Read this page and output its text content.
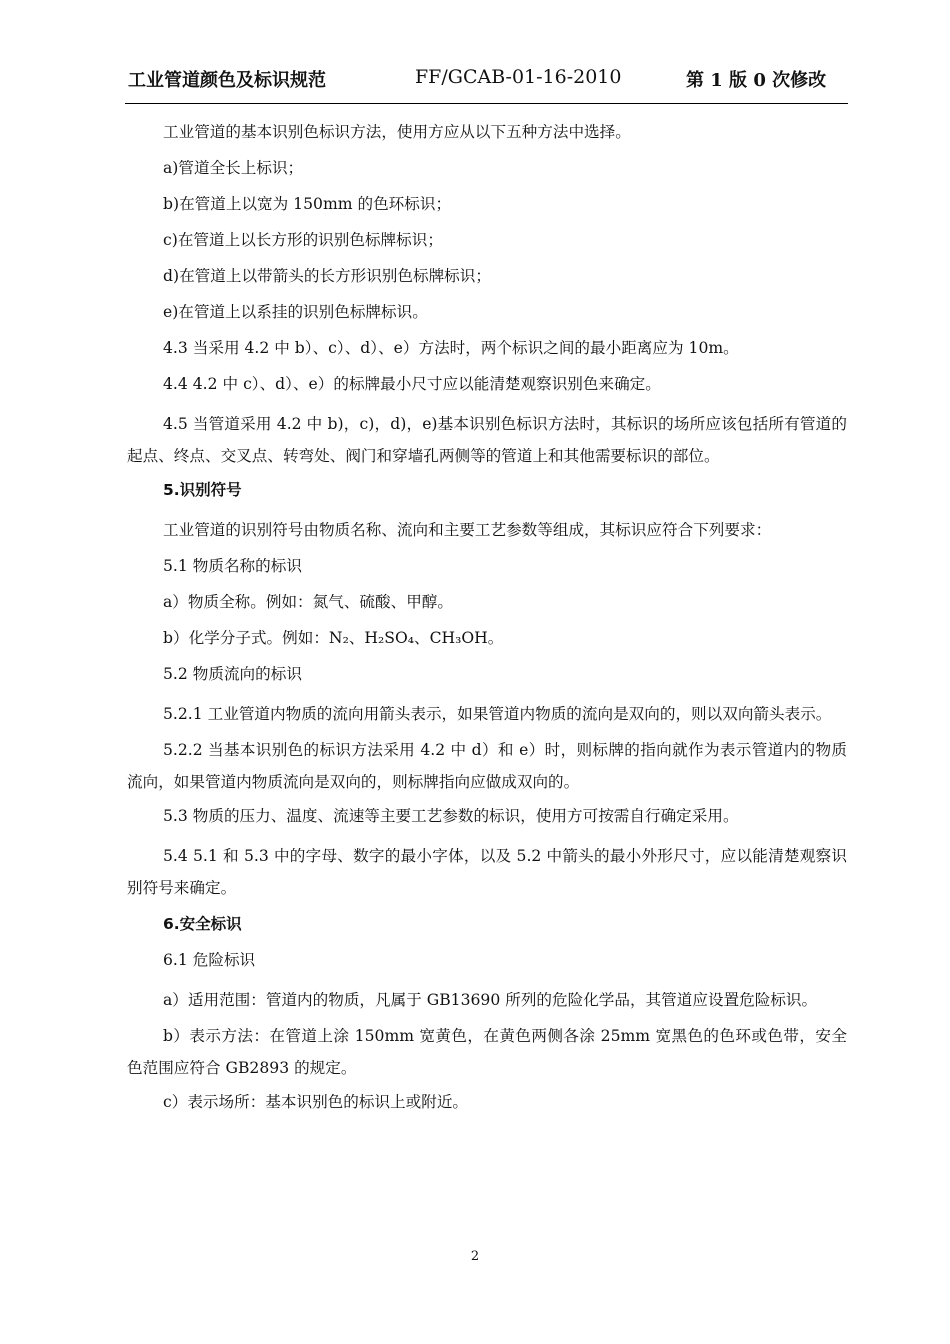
工业管道颜色及标识规范	FF/GCAB-01-16-2010	第 1 版 0 次修改

工业管道的基本识别色标识方法，使用方应从以下五种方法中选择。

a)管道全长上标识；

b)在管道上以宽为 150mm 的色环标识；

c)在管道上以长方形的识别色标牌标识；

d)在管道上以带箭头的长方形识别色标牌标识；

e)在管道上以系挂的识别色标牌标识。

4.3 当采用 4.2 中 b）、c）、d）、e）方法时，两个标识之间的最小距离应为 10m。

4.4 4.2 中 c）、d）、e）的标牌最小尺寸应以能清楚观察识别色来确定。

4.5 当管道采用 4.2 中 b)，c)，d)，e)基本识别色标识方法时，其标识的场所应该包括所有管道的起点、终点、交叉点、转弯处、阀门和穿墙孔两侧等的管道上和其他需要标识的部位。

5.识别符号

工业管道的识别符号由物质名称、流向和主要工艺参数等组成，其标识应符合下列要求：

5.1 物质名称的标识

a）物质全称。例如：氮气、硫酸、甲醇。

b）化学分子式。例如：N₂、H₂SO₄、CH₃OH。

5.2 物质流向的标识

5.2.1 工业管道内物质的流向用箭头表示，如果管道内物质的流向是双向的，则以双向箭头表示。

5.2.2 当基本识别色的标识方法采用 4.2 中 d）和 e）时，则标牌的指向就作为表示管道内的物质流向，如果管道内物质流向是双向的，则标牌指向应做成双向的。

5.3 物质的压力、温度、流速等主要工艺参数的标识，使用方可按需自行确定采用。

5.4 5.1 和 5.3 中的字母、数字的最小字体，以及 5.2 中箭头的最小外形尺寸，应以能清楚观察识别符号来确定。

6.安全标识

6.1 危险标识

a）适用范围：管道内的物质，凡属于 GB13690 所列的危险化学品，其管道应设置危险标识。

b）表示方法：在管道上涂 150mm 宽黄色，在黄色两侧各涂 25mm 宽黑色的色环或色带，安全色范围应符合 GB2893 的规定。

c）表示场所：基本识别色的标识上或附近。

2
